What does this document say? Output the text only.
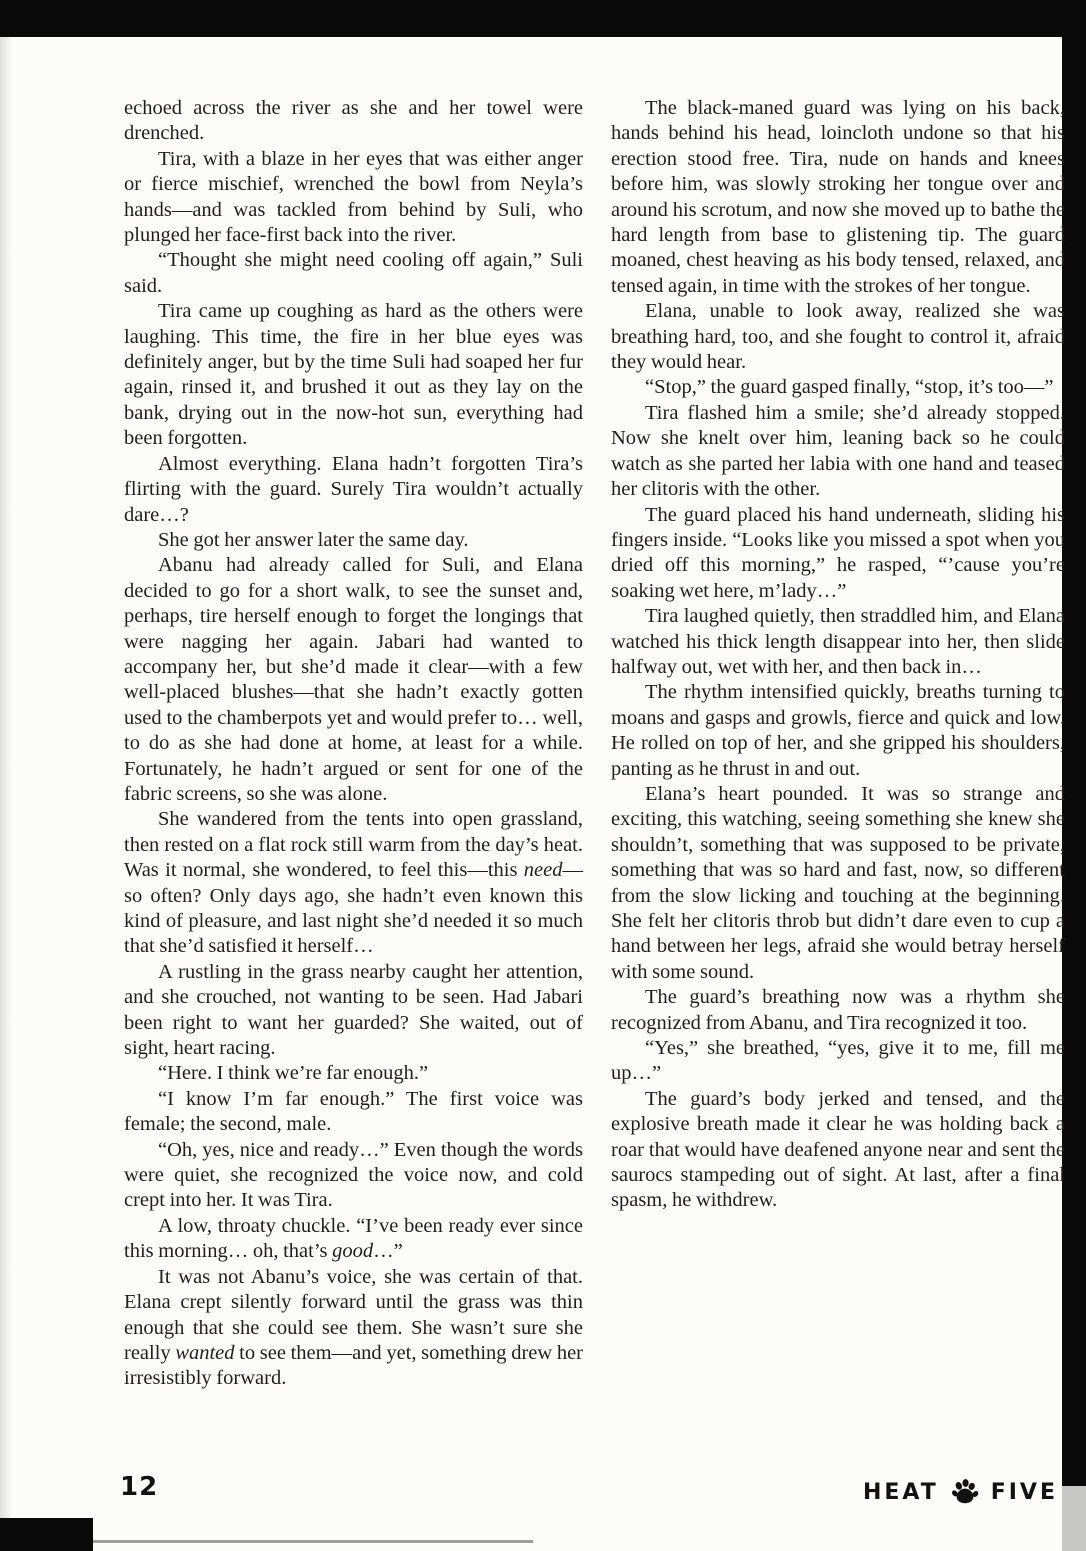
echoed across the river as she and her towel were drenched.

Tira, with a blaze in her eyes that was either anger or fierce mischief, wrenched the bowl from Neyla’s hands—and was tackled from behind by Suli, who plunged her face-first back into the river.

“Thought she might need cooling off again,” Suli said.

Tira came up coughing as hard as the others were laughing. This time, the fire in her blue eyes was definitely anger, but by the time Suli had soaped her fur again, rinsed it, and brushed it out as they lay on the bank, drying out in the now-hot sun, everything had been forgotten.

Almost everything. Elana hadn’t forgotten Tira’s flirting with the guard. Surely Tira wouldn’t actually dare…?

She got her answer later the same day.

Abanu had already called for Suli, and Elana decided to go for a short walk, to see the sunset and, perhaps, tire herself enough to forget the longings that were nagging her again. Jabari had wanted to accompany her, but she’d made it clear—with a few well-placed blushes—that she hadn’t exactly gotten used to the chamberpots yet and would prefer to… well, to do as she had done at home, at least for a while. Fortunately, he hadn’t argued or sent for one of the fabric screens, so she was alone.

She wandered from the tents into open grassland, then rested on a flat rock still warm from the day’s heat. Was it normal, she wondered, to feel this—this need—so often? Only days ago, she hadn’t even known this kind of pleasure, and last night she’d needed it so much that she’d satisfied it herself…

A rustling in the grass nearby caught her attention, and she crouched, not wanting to be seen. Had Jabari been right to want her guarded? She waited, out of sight, heart racing.

“Here. I think we’re far enough.”

“I know I’m far enough.” The first voice was female; the second, male.

“Oh, yes, nice and ready…” Even though the words were quiet, she recognized the voice now, and cold crept into her. It was Tira.

A low, throaty chuckle. “I’ve been ready ever since this morning… oh, that’s good…”

It was not Abanu’s voice, she was certain of that. Elana crept silently forward until the grass was thin enough that she could see them. She wasn’t sure she really wanted to see them—and yet, something drew her irresistibly forward.

The black-maned guard was lying on his back, hands behind his head, loincloth undone so that his erection stood free. Tira, nude on hands and knees before him, was slowly stroking her tongue over and around his scrotum, and now she moved up to bathe the hard length from base to glistening tip. The guard moaned, chest heaving as his body tensed, relaxed, and tensed again, in time with the strokes of her tongue.

Elana, unable to look away, realized she was breathing hard, too, and she fought to control it, afraid they would hear.

“Stop,” the guard gasped finally, “stop, it’s too—”

Tira flashed him a smile; she’d already stopped. Now she knelt over him, leaning back so he could watch as she parted her labia with one hand and teased her clitoris with the other.

The guard placed his hand underneath, sliding his fingers inside. “Looks like you missed a spot when you dried off this morning,” he rasped, “’cause you’re soaking wet here, m’lady…”

Tira laughed quietly, then straddled him, and Elana watched his thick length disappear into her, then slide halfway out, wet with her, and then back in…

The rhythm intensified quickly, breaths turning to moans and gasps and growls, fierce and quick and low. He rolled on top of her, and she gripped his shoulders, panting as he thrust in and out.

Elana’s heart pounded. It was so strange and exciting, this watching, seeing something she knew she shouldn’t, something that was supposed to be private, something that was so hard and fast, now, so different from the slow licking and touching at the beginning. She felt her clitoris throb but didn’t dare even to cup a hand between her legs, afraid she would betray herself with some sound.

The guard’s breathing now was a rhythm she recognized from Abanu, and Tira recognized it too.

“Yes,” she breathed, “yes, give it to me, fill me up…”

The guard’s body jerked and tensed, and the explosive breath made it clear he was holding back a roar that would have deafened anyone near and sent the saurocs stampeding out of sight. At last, after a final spasm, he withdrew.

12	HEAT FIVE
